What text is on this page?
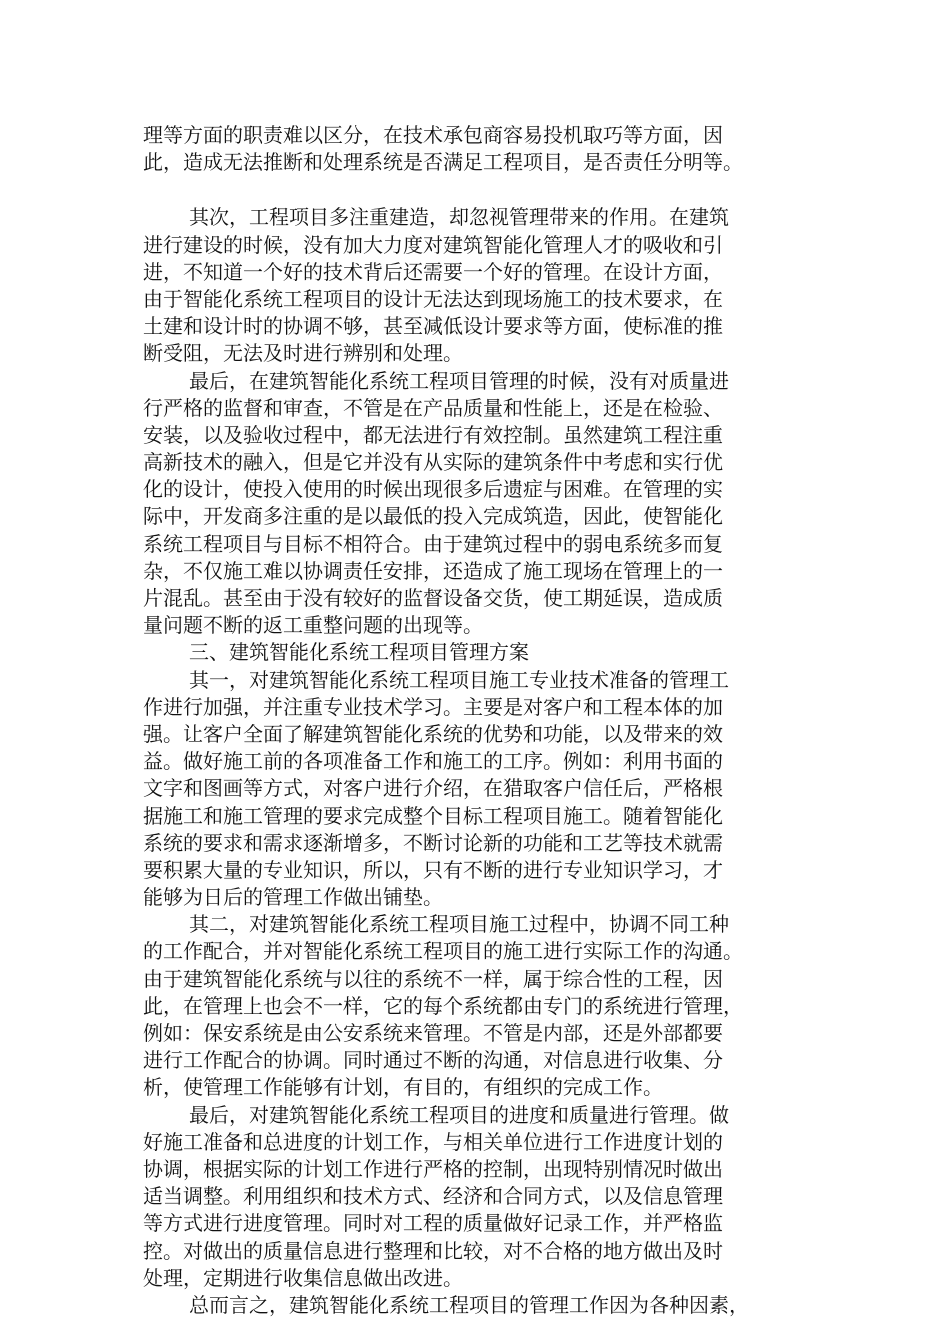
理等方面的职责难以区分，在技术承包商容易投机取巧等方面，因
此，造成无法推断和处理系统是否满足工程项目，是否责任分明等。
其次，工程项目多注重建造，却忽视管理带来的作用。在建筑
进行建设的时候，没有加大力度对建筑智能化管理人才的吸收和引
进，不知道一个好的技术背后还需要一个好的管理。在设计方面，
由于智能化系统工程项目的设计无法达到现场施工的技术要求，在
土建和设计时的协调不够，甚至减低设计要求等方面，使标准的推
断受阻，无法及时进行辨别和处理。
最后，在建筑智能化系统工程项目管理的时候，没有对质量进
行严格的监督和审查，不管是在产品质量和性能上，还是在检验、
安装，以及验收过程中，都无法进行有效控制。虽然建筑工程注重
高新技术的融入，但是它并没有从实际的建筑条件中考虑和实行优
化的设计，使投入使用的时候出现很多后遗症与困难。在管理的实
际中，开发商多注重的是以最低的投入完成筑造，因此，使智能化
系统工程项目与目标不相符合。由于建筑过程中的弱电系统多而复
杂，不仅施工难以协调责任安排，还造成了施工现场在管理上的一
片混乱。甚至由于没有较好的监督设备交货，使工期延误，造成质
量问题不断的返工重整问题的出现等。
三、建筑智能化系统工程项目管理方案
其一，对建筑智能化系统工程项目施工专业技术准备的管理工
作进行加强，并注重专业技术学习。主要是对客户和工程本体的加
强。让客户全面了解建筑智能化系统的优势和功能，以及带来的效
益。做好施工前的各项准备工作和施工的工序。例如：利用书面的
文字和图画等方式，对客户进行介绍，在猎取客户信任后，严格根
据施工和施工管理的要求完成整个目标工程项目施工。随着智能化
系统的要求和需求逐渐增多，不断讨论新的功能和工艺等技术就需
要积累大量的专业知识，所以，只有不断的进行专业知识学习，才
能够为日后的管理工作做出铺垫。
其二，对建筑智能化系统工程项目施工过程中，协调不同工种
的工作配合，并对智能化系统工程项目的施工进行实际工作的沟通。
由于建筑智能化系统与以往的系统不一样，属于综合性的工程，因
此，在管理上也会不一样，它的每个系统都由专门的系统进行管理，
例如：保安系统是由公安系统来管理。不管是内部，还是外部都要
进行工作配合的协调。同时通过不断的沟通，对信息进行收集、分
析，使管理工作能够有计划，有目的，有组织的完成工作。
最后，对建筑智能化系统工程项目的进度和质量进行管理。做
好施工准备和总进度的计划工作，与相关单位进行工作进度计划的
协调，根据实际的计划工作进行严格的控制，出现特别情况时做出
适当调整。利用组织和技术方式、经济和合同方式，以及信息管理
等方式进行进度管理。同时对工程的质量做好记录工作，并严格监
控。对做出的质量信息进行整理和比较，对不合格的地方做出及时
处理，定期进行收集信息做出改进。
总而言之，建筑智能化系统工程项目的管理工作因为各种因素，
